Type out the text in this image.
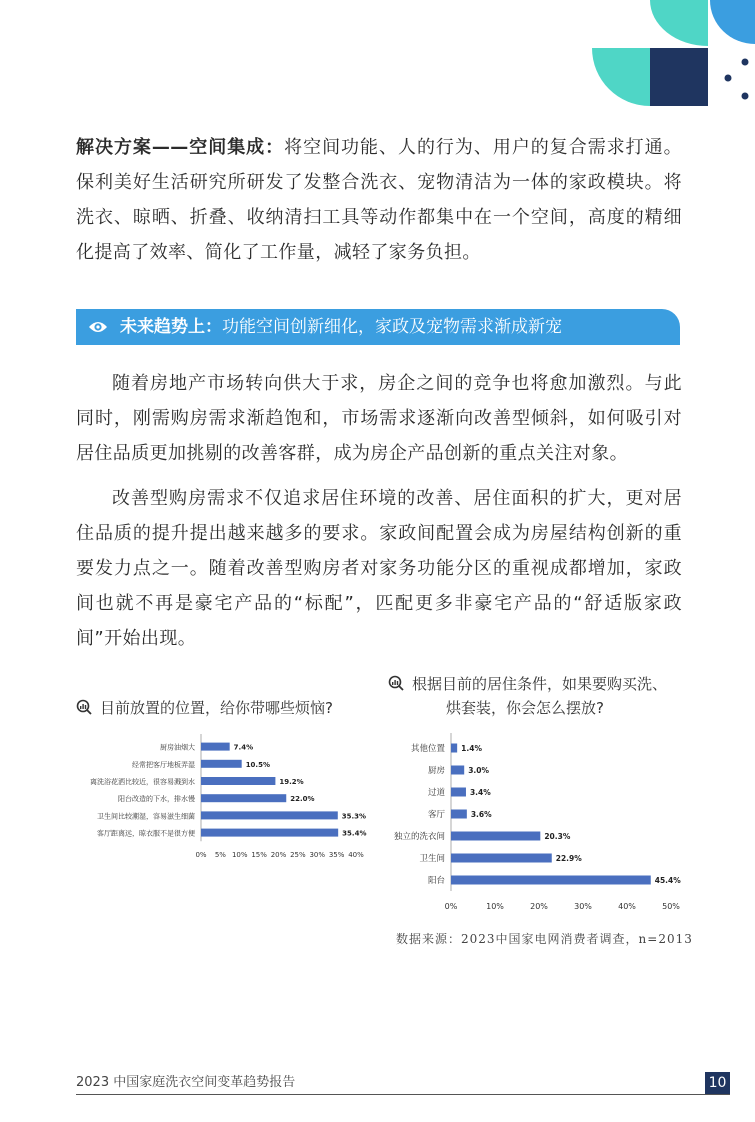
解决方案——空间集成：将空间功能、人的行为、用户的复合需求打通。保利美好生活研究所研发了发整合洗衣、宠物清洁为一体的家政模块。将洗衣、晾晒、折叠、收纳清扫工具等动作都集中在一个空间，高度的精细化提高了效率、简化了工作量，减轻了家务负担。

未来趋势上：功能空间创新细化，家政及宠物需求渐成新宠

随着房地产市场转向供大于求，房企之间的竞争也将愈加激烈。与此同时，刚需购房需求渐趋饱和，市场需求逐渐向改善型倾斜，如何吸引对居住品质更加挑剔的改善客群，成为房企产品创新的重点关注对象。

改善型购房需求不仅追求居住环境的改善、居住面积的扩大，更对居住品质的提升提出越来越多的要求。家政间配置会成为房屋结构创新的重要发力点之一。随着改善型购房者对家务功能分区的重视成都增加，家政间也就不再是豪宅产品的“标配”，匹配更多非豪宅产品的“舒适版家政间”开始出现。

目前放置的位置，给你带哪些烦恼?
根据目前的居住条件，如果要购买洗、
烘套装，你会怎么摆放?
厨房油烟大	7.4%
经常把客厅地板弄湿	10.5%
离洗浴花洒比较近，很容易溅到水	19.2%
阳台改造的下水，排水慢	22.0%
卫生间比较潮湿，容易滋生细菌	35.3%
客厅距离远，晾衣服不是很方便	35.4%
0% 5% 10% 15% 20% 25% 30% 35% 40%
其他位置 1.4%
厨房	3.0%
过道	3.4%
客厅	3.6%
独立的洗衣间	20.3%
卫生间	22.9%
阳台	45.4%
0%	10%	20%	30%	40%	50%
数据来源：2023中国家电网消费者调查，n=2013
2023 中国家庭洗衣空间变革趋势报告	10
